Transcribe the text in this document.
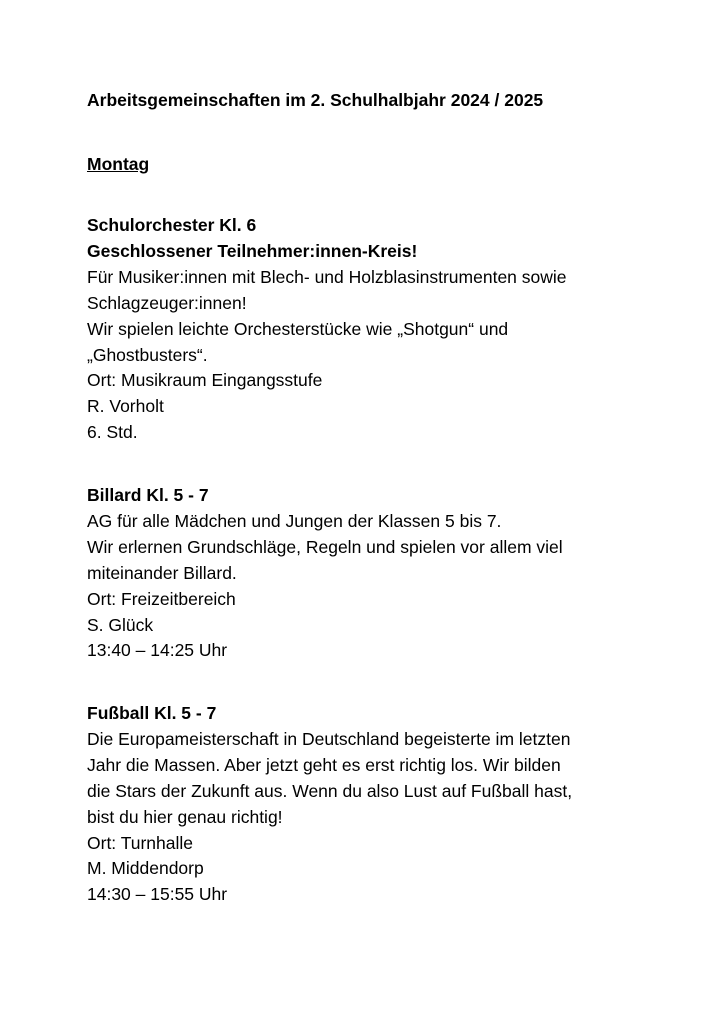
Arbeitsgemeinschaften im 2. Schulhalbjahr 2024 / 2025
Montag

Schulorchester Kl. 6

Geschlossener Teilnehmer:innen-Kreis!

Für Musiker:innen mit Blech- und Holzblasinstrumenten sowie

Schlagzeuger:innen!

Wir spielen leichte Orchesterstücke wie „Shotgun“ und

„Ghostbusters“.

Ort: Musikraum Eingangsstufe

R. Vorholt

6. Std.

Billard Kl. 5 - 7

AG für alle Mädchen und Jungen der Klassen 5 bis 7.

Wir erlernen Grundschläge, Regeln und spielen vor allem viel

miteinander Billard.

Ort: Freizeitbereich

S. Glück

13:40 – 14:25 Uhr

Fußball Kl. 5 - 7

Die Europameisterschaft in Deutschland begeisterte im letzten

Jahr die Massen. Aber jetzt geht es erst richtig los. Wir bilden

die Stars der Zukunft aus. Wenn du also Lust auf Fußball hast,

bist du hier genau richtig!

Ort: Turnhalle

M. Middendorp

14:30 – 15:55 Uhr
